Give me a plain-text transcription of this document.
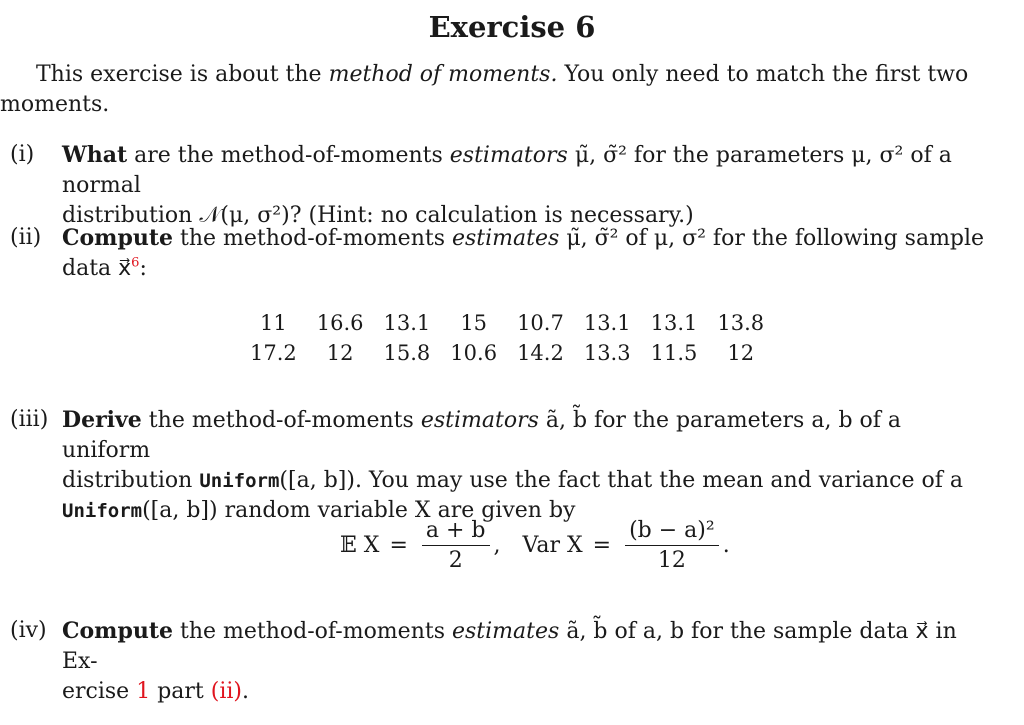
Exercise 6
This exercise is about the method of moments. You only need to match the first two
moments.
(i) What are the method-of-moments estimators μ̃, σ̃² for the parameters μ, σ² of a normal
distribution 𝒩(μ, σ²)? (Hint: no calculation is necessary.)
(ii) Compute the method-of-moments estimates μ̃, σ̃² of μ, σ² for the following sample
data x⃗$^6$:
11	16.6	13.1	15	10.7	13.1	13.1	13.8
17.2	12	15.8	10.6	14.2	13.3	11.5	12
(iii) Derive the method-of-moments estimators ã, b̃ for the parameters a, b of a uniform
distribution Uniform([a, b]). You may use the fact that the mean and variance of a
Uniform([a, b]) random variable X are given by
𝔼 $X = \frac{a + b}{2}$ , Var $X = \frac{\text{(b − a)²}}{12}$ .
(iv) Compute the method-of-moments estimates ã, b̃ of a, b for the sample data x⃗ in Ex-
ercise 1 part (ii).
